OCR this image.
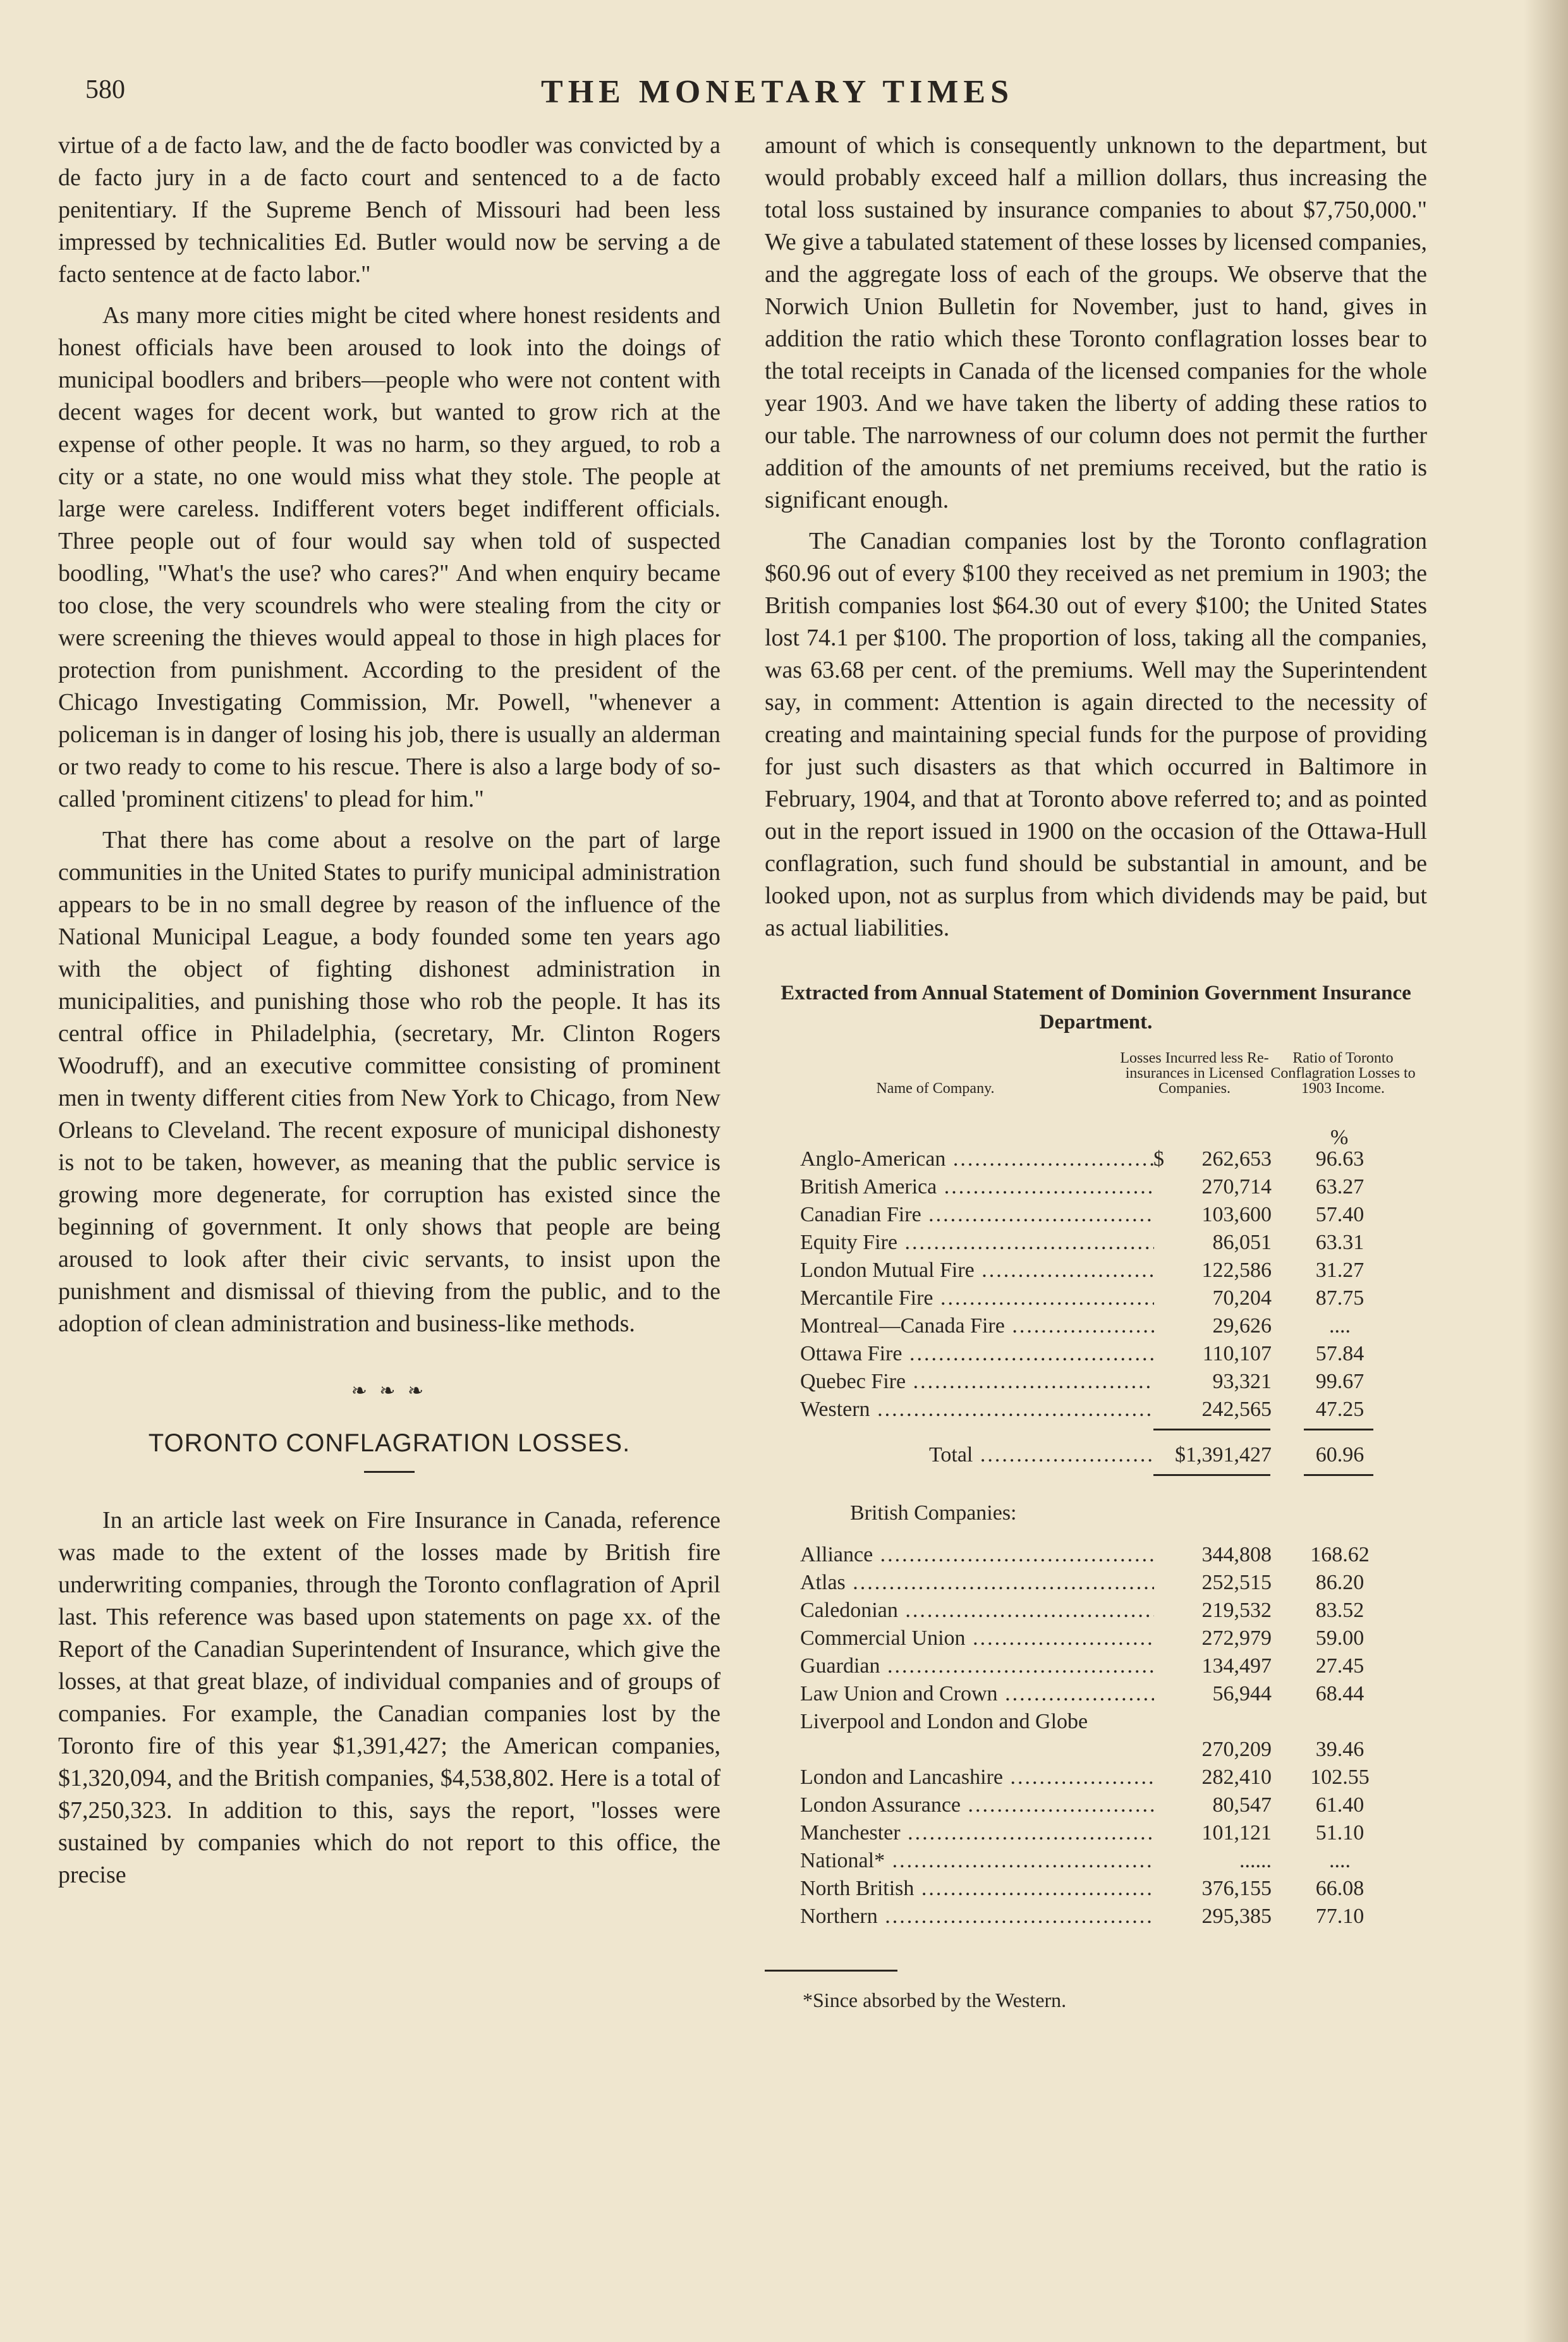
580	THE MONETARY TIMES

virtue of a de facto law, and the de facto boodler was convicted by a de facto jury in a de facto court and sentenced to a de facto penitentiary. If the Supreme Bench of Missouri had been less impressed by technicalities Ed. Butler would now be serving a de facto sentence at de facto labor."

As many more cities might be cited where honest residents and honest officials have been aroused to look into the doings of municipal boodlers and bribers—people who were not content with decent wages for decent work, but wanted to grow rich at the expense of other people. It was no harm, so they argued, to rob a city or a state, no one would miss what they stole. The people at large were careless. Indifferent voters beget indifferent officials. Three people out of four would say when told of suspected boodling, "What's the use? who cares?" And when enquiry became too close, the very scoundrels who were stealing from the city or were screening the thieves would appeal to those in high places for protection from punishment. According to the president of the Chicago Investigating Commission, Mr. Powell, "whenever a policeman is in danger of losing his job, there is usually an alderman or two ready to come to his rescue. There is also a large body of so-called 'prominent citizens' to plead for him."

That there has come about a resolve on the part of large communities in the United States to purify municipal administration appears to be in no small degree by reason of the influence of the National Municipal League, a body founded some ten years ago with the object of fighting dishonest administration in municipalities, and punishing those who rob the people. It has its central office in Philadelphia, (secretary, Mr. Clinton Rogers Woodruff), and an executive committee consisting of prominent men in twenty different cities from New York to Chicago, from New Orleans to Cleveland. The recent exposure of municipal dishonesty is not to be taken, however, as meaning that the public service is growing more degenerate, for corruption has existed since the beginning of government. It only shows that people are being aroused to look after their civic servants, to insist upon the punishment and dismissal of thieving from the public, and to the adoption of clean administration and business-like methods.

❧ ❧ ❧
TORONTO CONFLAGRATION LOSSES.

In an article last week on Fire Insurance in Canada, reference was made to the extent of the losses made by British fire underwriting companies, through the Toronto conflagration of April last. This reference was based upon statements on page xx. of the Report of the Canadian Superintendent of Insurance, which give the losses, at that great blaze, of individual companies and of groups of companies. For example, the Canadian companies lost by the Toronto fire of this year $1,391,427; the American companies, $1,320,094, and the British companies, $4,538,802. Here is a total of $7,250,323. In addition to this, says the report, "losses were sustained by companies which do not report to this office, the precise

amount of which is consequently unknown to the department, but would probably exceed half a million dollars, thus increasing the total loss sustained by insurance companies to about $7,750,000." We give a tabulated statement of these losses by licensed companies, and the aggregate loss of each of the groups. We observe that the Norwich Union Bulletin for November, just to hand, gives in addition the ratio which these Toronto conflagration losses bear to the total receipts in Canada of the licensed companies for the whole year 1903. And we have taken the liberty of adding these ratios to our table. The narrowness of our column does not permit the further addition of the amounts of net premiums received, but the ratio is significant enough.

The Canadian companies lost by the Toronto conflagration $60.96 out of every $100 they received as net premium in 1903; the British companies lost $64.30 out of every $100; the United States lost 74.1 per $100. The proportion of loss, taking all the companies, was 63.68 per cent. of the premiums. Well may the Superintendent say, in comment: Attention is again directed to the necessity of creating and maintaining special funds for the purpose of providing for just such disasters as that which occurred in Baltimore in February, 1904, and that at Toronto above referred to; and as pointed out in the report issued in 1900 on the occasion of the Ottawa-Hull conflagration, such fund should be substantial in amount, and be looked upon, not as surplus from which dividends may be paid, but as actual liabilities.

Extracted from Annual Statement of Dominion Government Insurance Department.
Name of Company.
Losses Incurred less Re-insurances in Licensed Companies.
Ratio of Toronto Conflagration Losses to 1903 Income.
%
Anglo-American .....	$	262,653	96.63
British America .....	270,714	63.27
Canadian Fire .....	103,600	57.40
Equity Fire .....	86,051	63.31
London Mutual Fire .....	122,586	31.27
Mercantile Fire .....	70,204	87.75
Montreal—Canada Fire .....	29,626	....
Ottawa Fire .....	110,107	57.84
Quebec Fire .....	93,321	99.67
Western .....	242,565	47.25
Total .....	$1,391,427	60.96
British Companies:
Alliance .....	344,808	168.62
Atlas .....	252,515	86.20
Caledonian .....	219,532	83.52
Commercial Union .....	272,979	59.00
Guardian .....	134,497	27.45
Law Union and Crown .....	56,944	68.44
Liverpool and London and Globe
270,209	39.46
London and Lancashire .....	282,410	102.55
London Assurance .....	80,547	61.40
Manchester .....	101,121	51.10
National* .....	......	....
North British .....	376,155	66.08
Northern .....	295,385	77.10
*Since absorbed by the Western.
